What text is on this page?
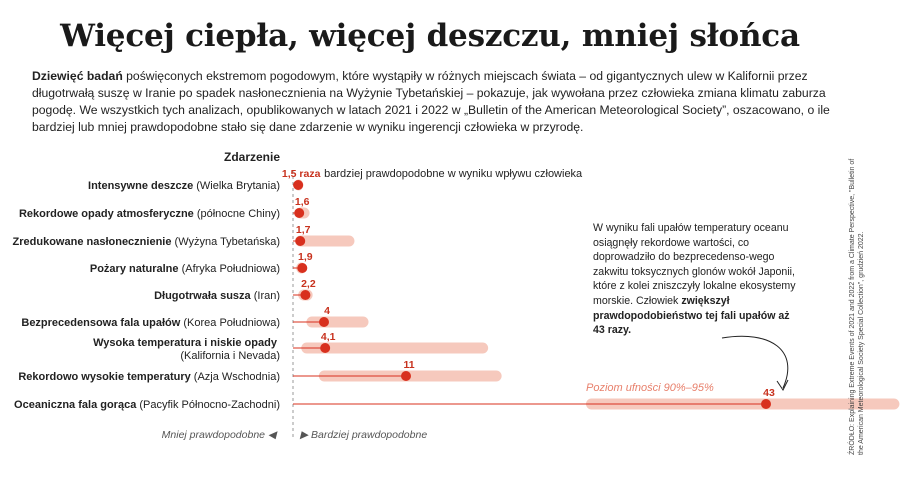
Więcej ciepła, więcej deszczu, mniej słońca

Dziewięć badań poświęconych ekstremom pogodowym, które wystąpiły w różnych miejscach świata – od gigantycznych ulew w Kalifornii przez długotrwałą suszę w Iranie po spadek nasłonecznienia na Wyżynie Tybetańskiej – pokazuje, jak wywołana przez człowieka zmiana klimatu zaburza pogodę. We wszystkich tych analizach, opublikowanych w latach 2021 i 2022 w „Bulletin of the American Meteorological Society”, oszacowano, o ile bardziej lub mniej prawdopodobne stało się dane zdarzenie w wyniku ingerencji człowieka w przyrodę.

Zdarzenie
Intensywne deszcze (Wielka Brytania)
1,5 raza
Rekordowe opady atmosferyczne (północne Chiny)
1,6
Zredukowane nasłonecznienie (Wyżyna Tybetańska)
1,7
Pożary naturalne (Afryka Południowa)
1,9
Długotrwała susza (Iran)
2,2
Bezprecedensowa fala upałów (Korea Południowa)
4
Wysoka temperatura i niskie opady (Kalifornia i Nevada)
4,1
Rekordowo wysokie temperatury (Azja Wschodnia)
11
Oceaniczna fala gorąca (Pacyfik Północno-Zachodni)
43
bardziej prawdopodobne w wyniku wpływu człowieka
Poziom ufności 90%–95%
Mniej prawdopodobne ◀ ▶ Bardziej prawdopodobne

W wyniku fali upałów temperatury oceanu osiągnęły rekordowe wartości, co doprowadziło do bezprecedenso-wego zakwitu toksycznych glonów wokół Japonii, które z kolei zniszczyły lokalne ekosystemy morskie. Człowiek zwiększył prawdopodobieństwo tej fali upałów aż 43 razy.	ŹRÓDŁO: Explaining Extreme Events of 2021 and 2022 from a Climate Perspective, "Bulletin of the American Meteorological Society Special Collection", grudzień 2022.
